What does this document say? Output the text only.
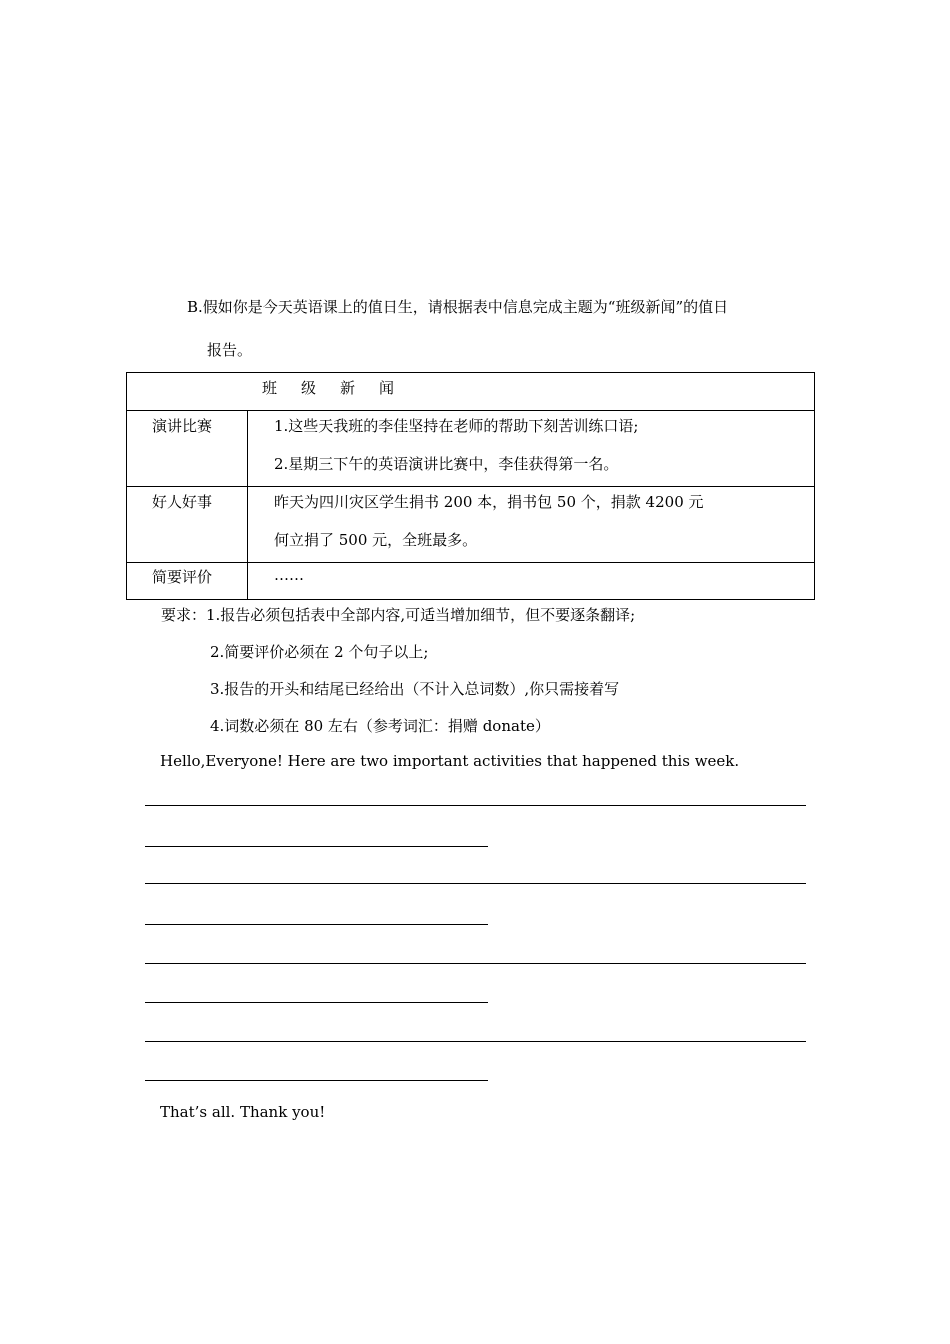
B.假如你是今天英语课上的值日生，请根据表中信息完成主题为“班级新闻”的值日
报告。
班级新闻
演讲比赛	1.这些天我班的李佳坚持在老师的帮助下刻苦训练口语;
2.星期三下午的英语演讲比赛中，李佳获得第一名。
好人好事	昨天为四川灾区学生捐书 200 本，捐书包 50 个，捐款 4200 元
何立捐了 500 元，全班最多。
简要评价	……
要求：1.报告必须包括表中全部内容,可适当增加细节，但不要逐条翻译;
2.简要评价必须在 2 个句子以上;
3.报告的开头和结尾已经给出（不计入总词数）,你只需接着写
4.词数必须在 80 左右（参考词汇：捐赠 donate）
Hello,Everyone! Here are two important activities that happened this week.
That’s all. Thank you!
